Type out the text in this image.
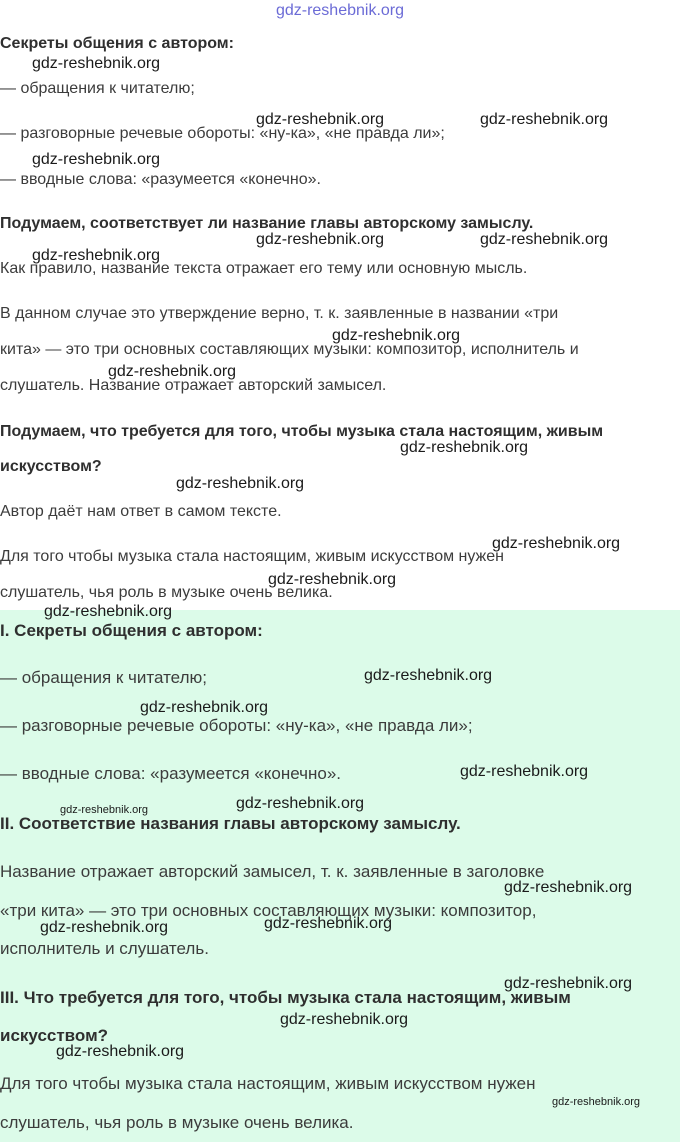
gdz-reshebnik.org

Секреты общения с автором:

— обращения к читателю;

— разговорные речевые обороты: «ну-ка», «не правда ли»;

— вводные слова: «разумеется «конечно».

Подумаем, соответствует ли название главы авторскому замыслу.

Как правило, название текста отражает его тему или основную мысль.

В данном случае это утверждение верно, т. к. заявленные в названии «три

кита» — это три основных составляющих музыки: композитор, исполнитель и

слушатель. Название отражает авторский замысел.

Подумаем, что требуется для того, чтобы музыка стала настоящим, живым

искусством?

Автор даёт нам ответ в самом тексте.

Для того чтобы музыка стала настоящим, живым искусством нужен

слушатель, чья роль в музыке очень велика.

I. Секреты общения с автором:

— обращения к читателю;

— разговорные речевые обороты: «ну-ка», «не правда ли»;

— вводные слова: «разумеется «конечно».

II. Соответствие названия главы авторскому замыслу.

Название отражает авторский замысел, т. к. заявленные в заголовке

«три кита» — это три основных составляющих музыки: композитор,

исполнитель и слушатель.

III. Что требуется для того, чтобы музыка стала настоящим, живым

искусством?

Для того чтобы музыка стала настоящим, живым искусством нужен

слушатель, чья роль в музыке очень велика.

gdz-reshebnik.org
gdz-reshebnik.org	gdz-reshebnik.org
gdz-reshebnik.org
gdz-reshebnik.org	gdz-reshebnik.org
gdz-reshebnik.org
gdz-reshebnik.org
gdz-reshebnik.org
gdz-reshebnik.org
gdz-reshebnik.org
gdz-reshebnik.org
gdz-reshebnik.org
gdz-reshebnik.org
gdz-reshebnik.org
gdz-reshebnik.org
gdz-reshebnik.org
gdz-reshebnik.org	gdz-reshebnik.org
gdz-reshebnik.org
gdz-reshebnik.org	gdz-reshebnik.org
gdz-reshebnik.org
gdz-reshebnik.org
gdz-reshebnik.org
gdz-reshebnik.org
